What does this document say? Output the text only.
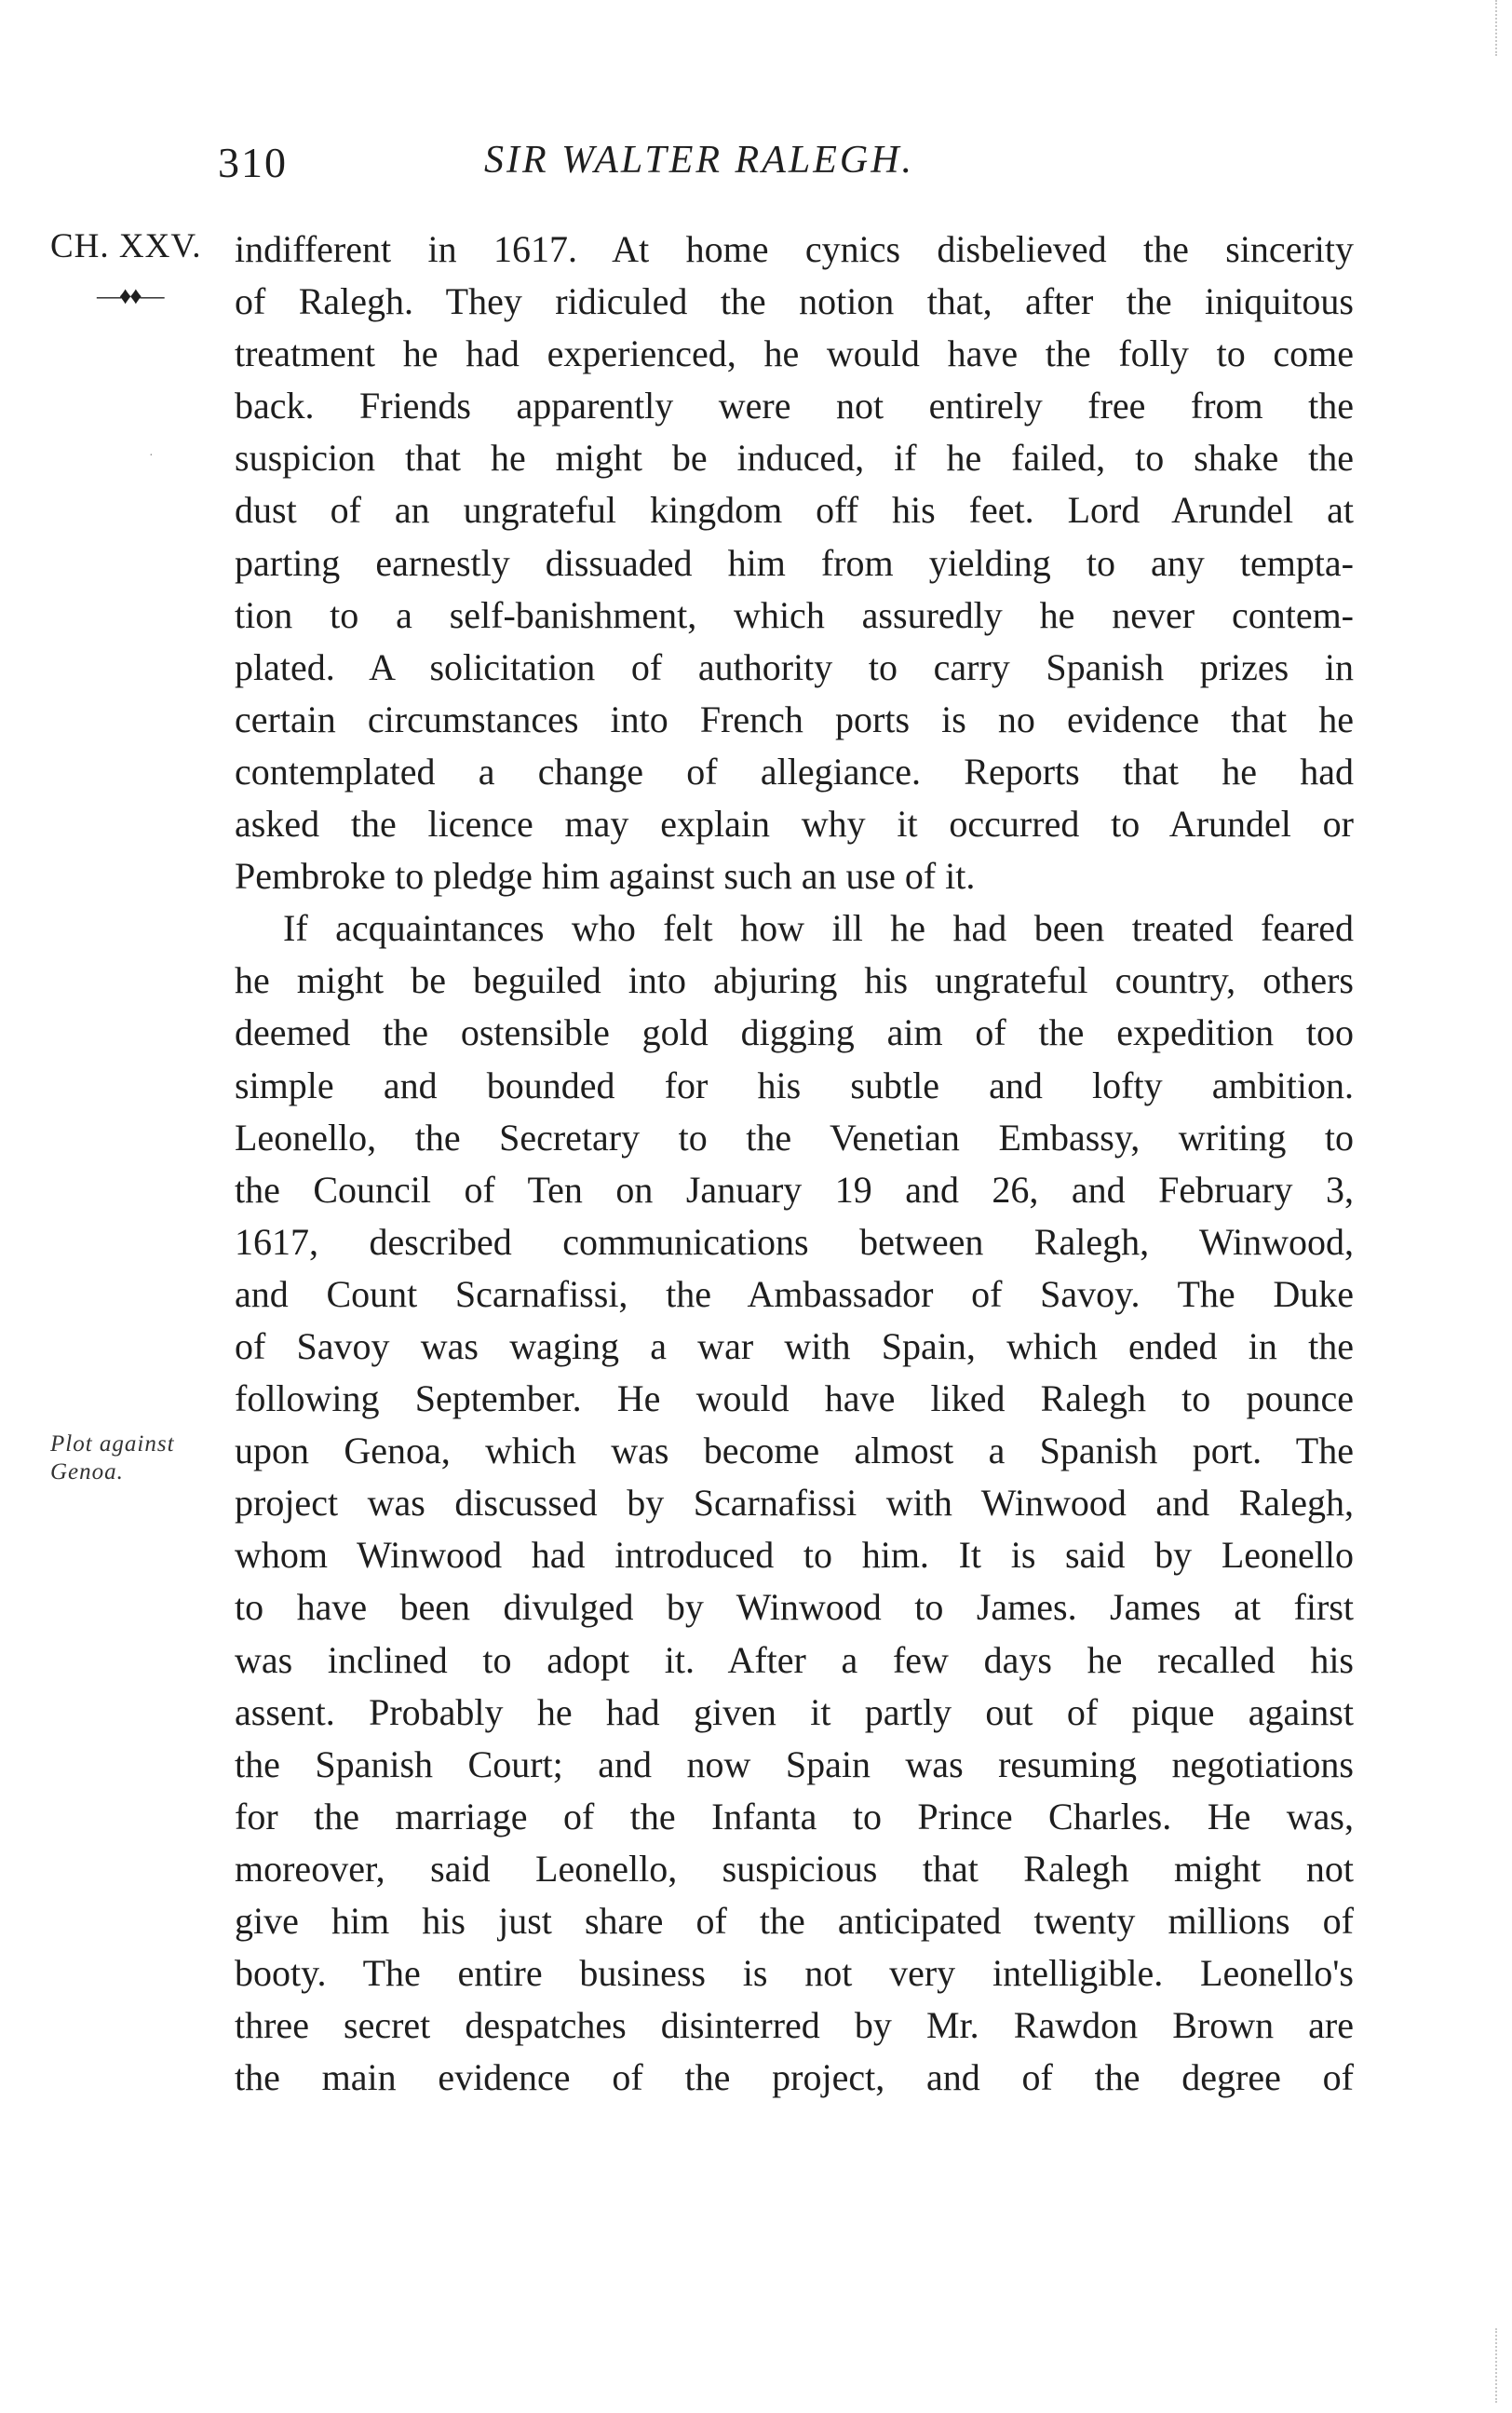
310	SIR WALTER RALEGH.
CH. XXV.
—♦♦—
·
Plot against
Genoa.
indifferent in 1617. At home cynics disbelieved the sincerity
of Ralegh. They ridiculed the notion that, after the iniquitous
treatment he had experienced, he would have the folly to come
back. Friends apparently were not entirely free from the
suspicion that he might be induced, if he failed, to shake the
dust of an ungrateful kingdom off his feet. Lord Arundel at
parting earnestly dissuaded him from yielding to any tempta-
tion to a self-banishment, which assuredly he never contem-
plated. A solicitation of authority to carry Spanish prizes in
certain circumstances into French ports is no evidence that he
contemplated a change of allegiance. Reports that he had
asked the licence may explain why it occurred to Arundel or
Pembroke to pledge him against such an use of it.
If acquaintances who felt how ill he had been treated feared
he might be beguiled into abjuring his ungrateful country, others
deemed the ostensible gold digging aim of the expedition too
simple and bounded for his subtle and lofty ambition.
Leonello, the Secretary to the Venetian Embassy, writing to
the Council of Ten on January 19 and 26, and February 3,
1617, described communications between Ralegh, Winwood,
and Count Scarnafissi, the Ambassador of Savoy. The Duke
of Savoy was waging a war with Spain, which ended in the
following September. He would have liked Ralegh to pounce
upon Genoa, which was become almost a Spanish port. The
project was discussed by Scarnafissi with Winwood and Ralegh,
whom Winwood had introduced to him. It is said by Leonello
to have been divulged by Winwood to James. James at first
was inclined to adopt it. After a few days he recalled his
assent. Probably he had given it partly out of pique against
the Spanish Court; and now Spain was resuming negotiations
for the marriage of the Infanta to Prince Charles. He was,
moreover, said Leonello, suspicious that Ralegh might not
give him his just share of the anticipated twenty millions of
booty. The entire business is not very intelligible. Leonello's
three secret despatches disinterred by Mr. Rawdon Brown are
the main evidence of the project, and of the degree of
